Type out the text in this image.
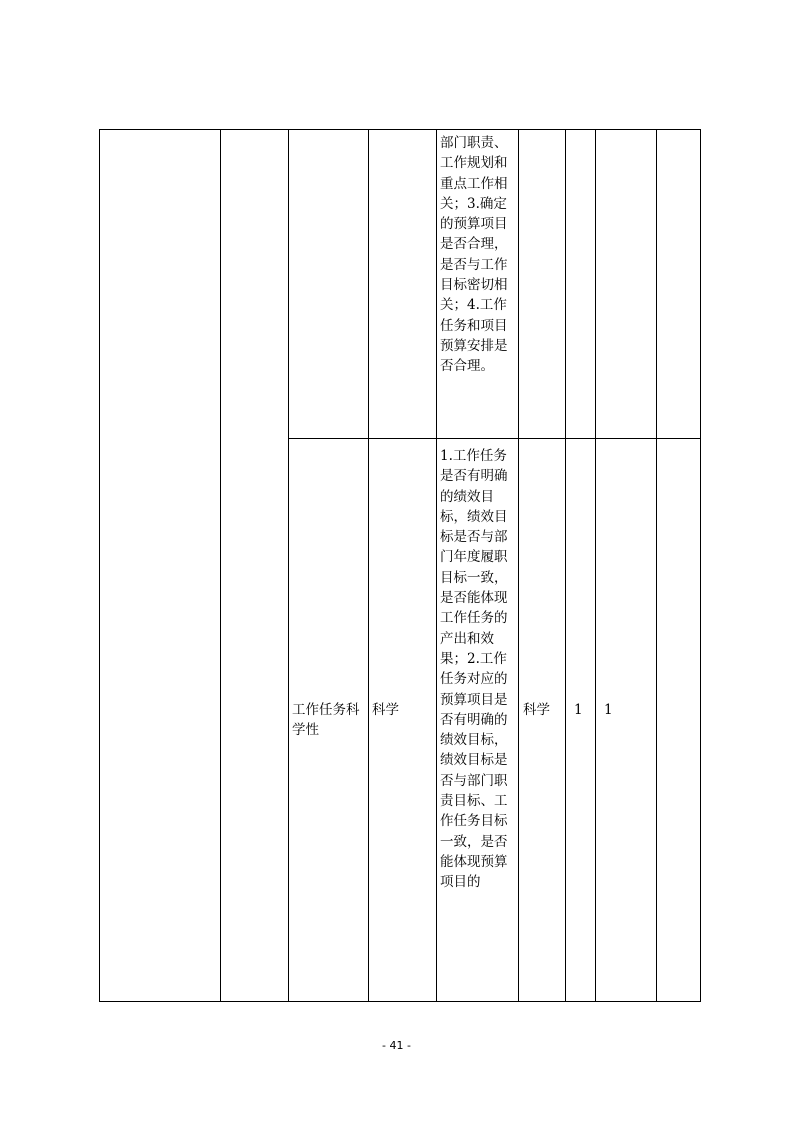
部门职责、工作规划和重点工作相关；3.确定的预算项目是否合理，是否与工作目标密切相关；4.工作任务和项目预算安排是否合理。
工作任务科学性
科学
1.工作任务是否有明确的绩效目标，绩效目标是否与部门年度履职目标一致，是否能体现工作任务的产出和效果；2.工作任务对应的预算项目是否有明确的绩效目标，绩效目标是否与部门职责目标、工作任务目标一致，是否能体现预算项目的
科学	1	1
- 41 -
